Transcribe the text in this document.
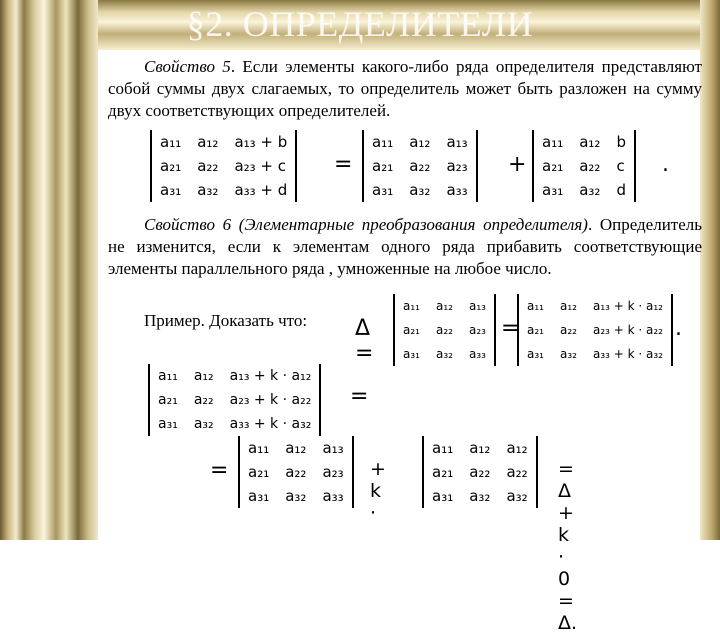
§2. ОПРЕДЕЛИТЕЛИ
Свойство 5. Если элементы какого-либо ряда определителя представляют собой суммы двух слагаемых, то определитель может быть разложен на сумму двух соответствующих определителей.
a₁₁	a₁₂	a₁₃ + b
a₂₁	a₂₂	a₂₃ + c
a₃₁	a₃₂	a₃₃ + d
=
a₁₁	a₁₂	a₁₃
a₂₁	a₂₂	a₂₃
a₃₁	a₃₂	a₃₃
+
a₁₁	a₁₂	b
a₂₁	a₂₂	c
a₃₁	a₃₂	d
.
Свойство 6 (Элементарные преобразования определителя). Определитель не изменится, если к элементам одного ряда прибавить соответствующие элементы параллельного ряда , умноженные на любое число.
Пример. Доказать что:	Δ =
a₁₁	a₁₂	a₁₃
a₂₁	a₂₂	a₂₃
a₃₁	a₃₂	a₃₃
=
a₁₁	a₁₂	a₁₃ + k · a₁₂
a₂₁	a₂₂	a₂₃ + k · a₂₂
a₃₁	a₃₂	a₃₃ + k · a₃₂
.
a₁₁	a₁₂	a₁₃ + k · a₁₂
a₂₁	a₂₂	a₂₃ + k · a₂₂
a₃₁	a₃₂	a₃₃ + k · a₃₂
=
=
a₁₁	a₁₂	a₁₃
a₂₁	a₂₂	a₂₃
a₃₁	a₃₂	a₃₃
+ k ·
a₁₁	a₁₂	a₁₂
a₂₁	a₂₂	a₂₂
a₃₁	a₃₂	a₃₂
= Δ + k · 0 = Δ.
